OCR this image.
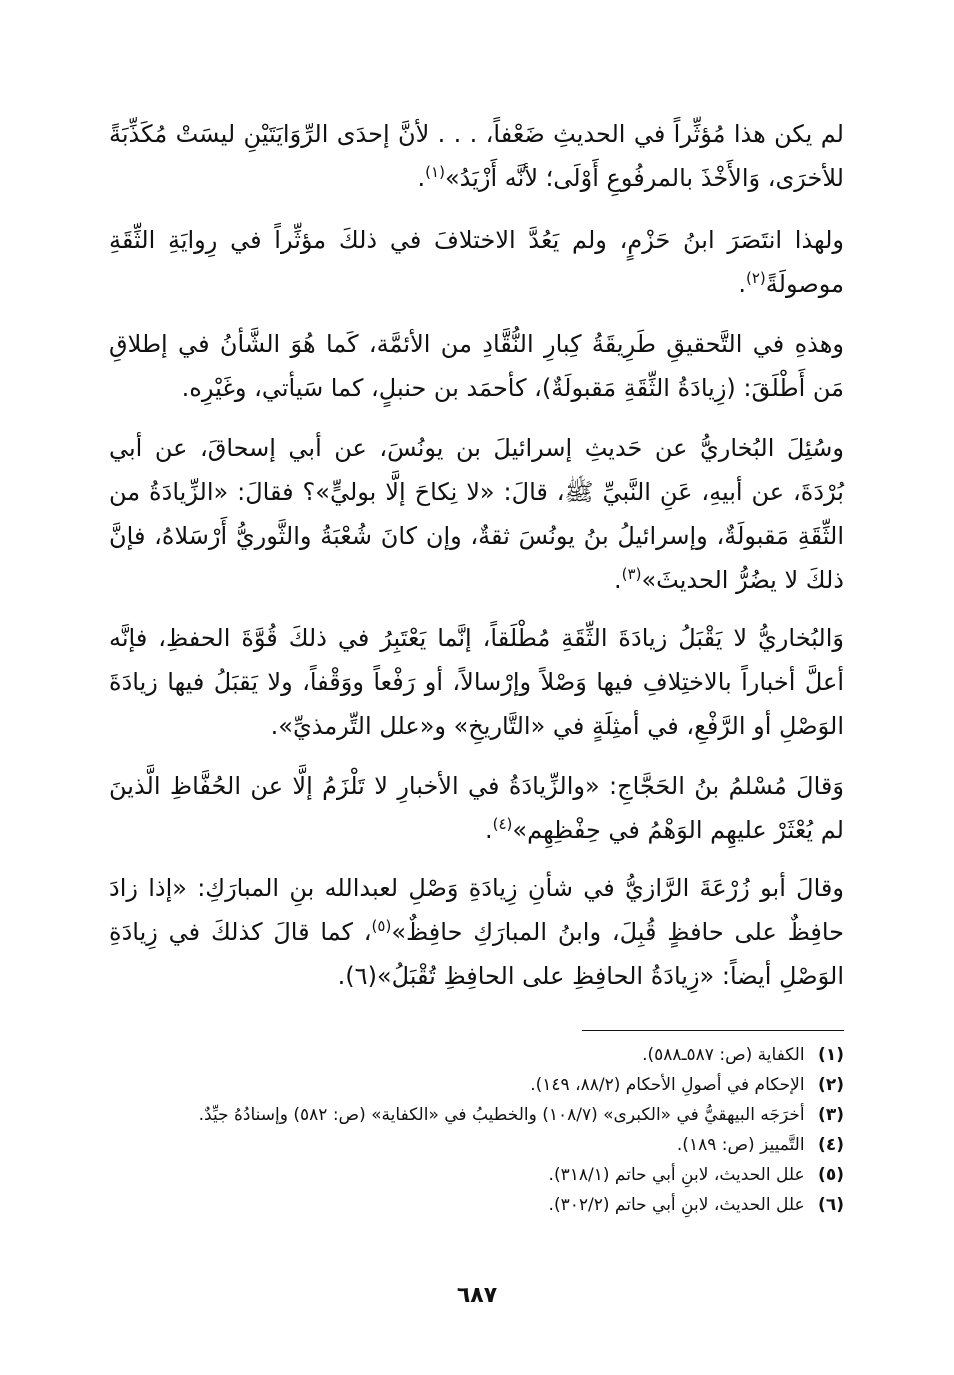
لم يكن هذا مُؤثِّراً في الحديثِ ضَعْفاً، . . . لأنَّ إحدَى الرِّوَايَتَيْنِ ليسَتْ مُكَذِّبَةً للأخرَى، وَالأَخْذَ بالمرفُوعِ أَوْلَى؛ لأنَّه أَزْيَدُ»$^{(١)}$.

ولهذا انتَصَرَ ابنُ حَزْمٍ، ولم يَعُدَّ الاختلافَ في ذلكَ مؤثِّراً في رِوايَةِ الثِّقَةِ موصولَةً$^{(٢)}$.

وهذهِ في التَّحقيقِ طَرِيقَةُ كِبارِ النُّقَّادِ من الأئمَّة، كَما هُوَ الشَّأنُ في إطلاقِ مَن أَطْلَقَ: (زِيادَةُ الثِّقَةِ مَقبولَةٌ)، كأحمَد بن حنبلٍ، كما سَيأتي، وغَيْرِه.

وسُئِلَ البُخاريُّ عن حَديثِ إسرائيلَ بن يونُسَ، عن أبي إسحاقَ، عن أبي بُرْدَةَ، عن أبيهِ، عَنِ النَّبيِّ ﷺ، قالَ: «لا نِكاحَ إلَّا بوليٍّ»؟ فقالَ: «الزِّيادَةُ من الثِّقَةِ مَقبولَةٌ، وإسرائيلُ بنُ يونُسَ ثقةٌ، وإن كانَ شُعْبَةُ والثَّوريُّ أَرْسَلاهُ، فإنَّ ذلكَ لا يضُرُّ الحديثَ»$^{(٣)}$.

وَالبُخاريُّ لا يَقْبَلُ زيادَةَ الثِّقَةِ مُطْلَقاً، إنَّما يَعْتَبِرُ في ذلكَ قُوَّةَ الحفظِ، فإنَّه أعلَّ أخباراً بالاختِلافِ فيها وَصْلاً وإرْسالاً، أو رَفْعاً ووَقْفاً، ولا يَقبَلُ فيها زيادَةَ الوَصْلِ أو الرَّفْعِ، في أمثِلَةٍ في «التَّاريخِ» و«علل التِّرمذيِّ».

وَقالَ مُسْلمُ بنُ الحَجَّاجِ: «والزِّيادَةُ في الأخبارِ لا تَلْزَمُ إلَّا عن الحُفَّاظِ الَّذينَ لم يُعْثَرْ عليهِم الوَهْمُ في حِفْظِهِم»$^{(٤)}$.

وقالَ أبو زُرْعَةَ الرَّازيُّ في شأنِ زِيادَةِ وَصْلِ لعبدالله بنِ المبارَكِ: «إذا زادَ حافِظٌ على حافظٍ قُبِلَ، وابنُ المبارَكِ حافِظٌ»$^{(٥)}$، كما قالَ كذلكَ في زِيادَةِ الوَصْلِ أيضاً: «زِيادَةُ الحافِظِ على الحافِظِ تُقْبَلُ»(٦).

(١) الكفاية (ص: ٥٨٧ـ٥٨٨).
(٢) الإحكام في أصولِ الأحكام (٨٨/٢، ١٤٩).
(٣) أخرَجَه البيهقيُّ في «الكبرى» (١٠٨/٧) والخطيبُ في «الكفاية» (ص: ٥٨٢) وإسنادُهُ جيِّدٌ.
(٤) التَّمييز (ص: ١٨٩).
(٥) علل الحديث، لابنِ أبي حاتم (٣١٨/١).
(٦) علل الحديث، لابنِ أبي حاتم (٣٠٢/٢).
٦٨٧
